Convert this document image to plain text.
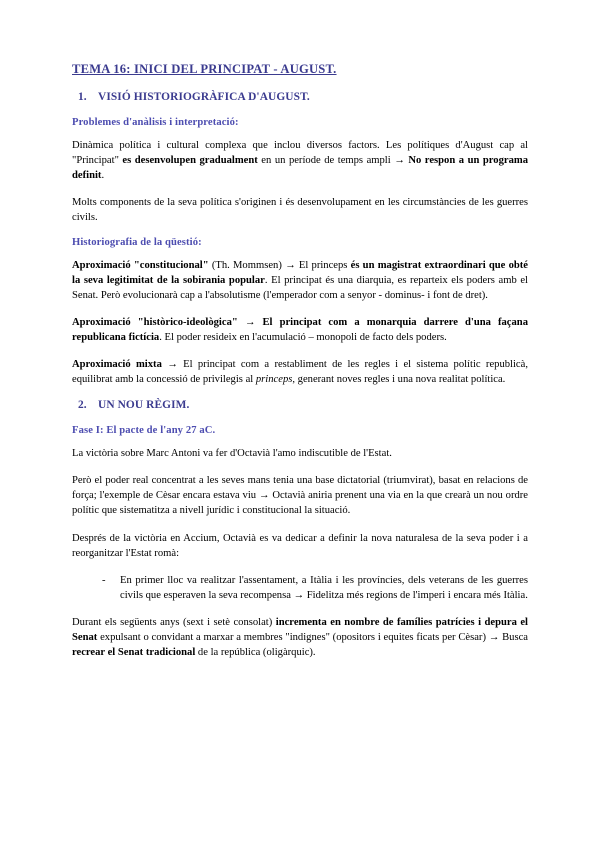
TEMA 16: INICI DEL PRINCIPAT - AUGUST.
1. VISIÓ HISTORIOGRÀFICA D'AUGUST.
Problemes d'anàlisis i interpretació:

Dinàmica política i cultural complexa que inclou diversos factors. Les polítiques d'August cap al "Principat" es desenvolupen gradualment en un període de temps ampli → No respon a un programa definit.

Molts components de la seva política s'originen i és desenvolupament en les circumstàncies de les guerres civils.

Historiografia de la qüestió:

Aproximació "constitucional" (Th. Mommsen) → El princeps és un magistrat extraordinari que obté la seva legitimitat de la sobirania popular. El principat és una diarquia, es reparteix els poders amb el Senat. Però evolucionarà cap a l'absolutisme (l'emperador com a senyor - dominus- i font de dret).

Aproximació "històrico-ideològica" → El principat com a monarquia darrere d'una façana republicana fictícia. El poder resideix en l'acumulació – monopoli de facto dels poders.

Aproximació mixta → El principat com a restabliment de les regles i el sistema polític republicà, equilibrat amb la concessió de privilegis al princeps, generant noves regles i una nova realitat política.

2. UN NOU RÈGIM.
Fase I: El pacte de l'any 27 aC.

La victòria sobre Marc Antoni va fer d'Octavià l'amo indiscutible de l'Estat.

Però el poder real concentrat a les seves mans tenia una base dictatorial (triumvirat), basat en relacions de força; l'exemple de Cèsar encara estava viu → Octavià aniria prenent una via en la que crearà un nou ordre polític que sistematitza a nivell jurídic i constitucional la situació.

Després de la victòria en Accium, Octavià es va dedicar a definir la nova naturalesa de la seva poder i a reorganitzar l'Estat romà:

-	En primer lloc va realitzar l'assentament, a Itàlia i les províncies, dels veterans de les guerres civils que esperaven la seva recompensa → Fidelitza més regions de l'imperi i encara més Itàlia.

Durant els següents anys (sext i setè consolat) incrementa en nombre de famílies patrícies i depura el Senat expulsant o convidant a marxar a membres "indignes" (opositors i equites ficats per Cèsar) → Busca recrear el Senat tradicional de la república (oligàrquic).
